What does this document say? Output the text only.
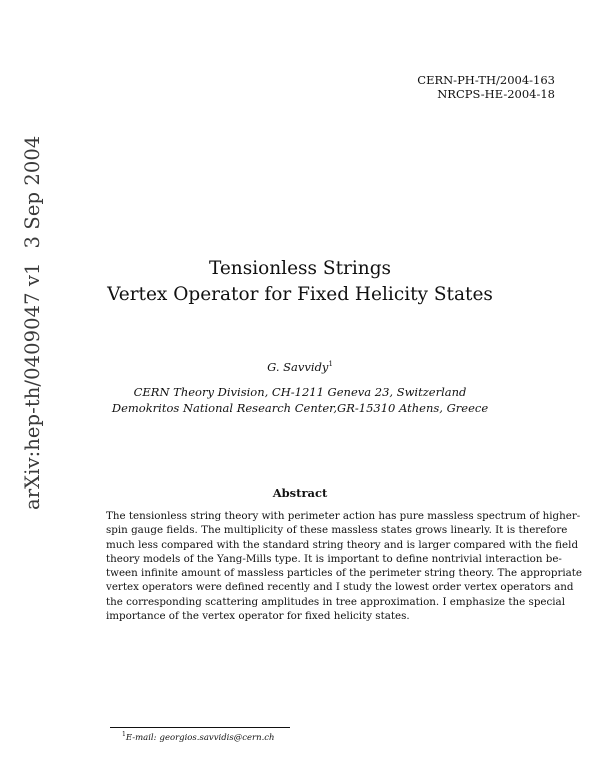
CERN-PH-TH/2004-163
NRCPS-HE-2004-18
arXiv:hep-th/0409047 v13 Sep 2004
Tensionless Strings
Vertex Operator for Fixed Helicity States
G. Savvidy$^1$
CERN Theory Division, CH-1211 Geneva 23, Switzerland
Demokritos National Research Center,GR-15310 Athens, Greece
Abstract
The tensionless string theory with perimeter action has pure massless spectrum of higher-
spin gauge fields. The multiplicity of these massless states grows linearly. It is therefore
much less compared with the standard string theory and is larger compared with the field
theory models of the Yang-Mills type. It is important to define nontrivial interaction be-
tween infinite amount of massless particles of the perimeter string theory. The appropriate
vertex operators were defined recently and I study the lowest order vertex operators and
the corresponding scattering amplitudes in tree approximation. I emphasize the special
importance of the vertex operator for fixed helicity states.
$^1$E-mail: georgios.savvidis@cern.ch
